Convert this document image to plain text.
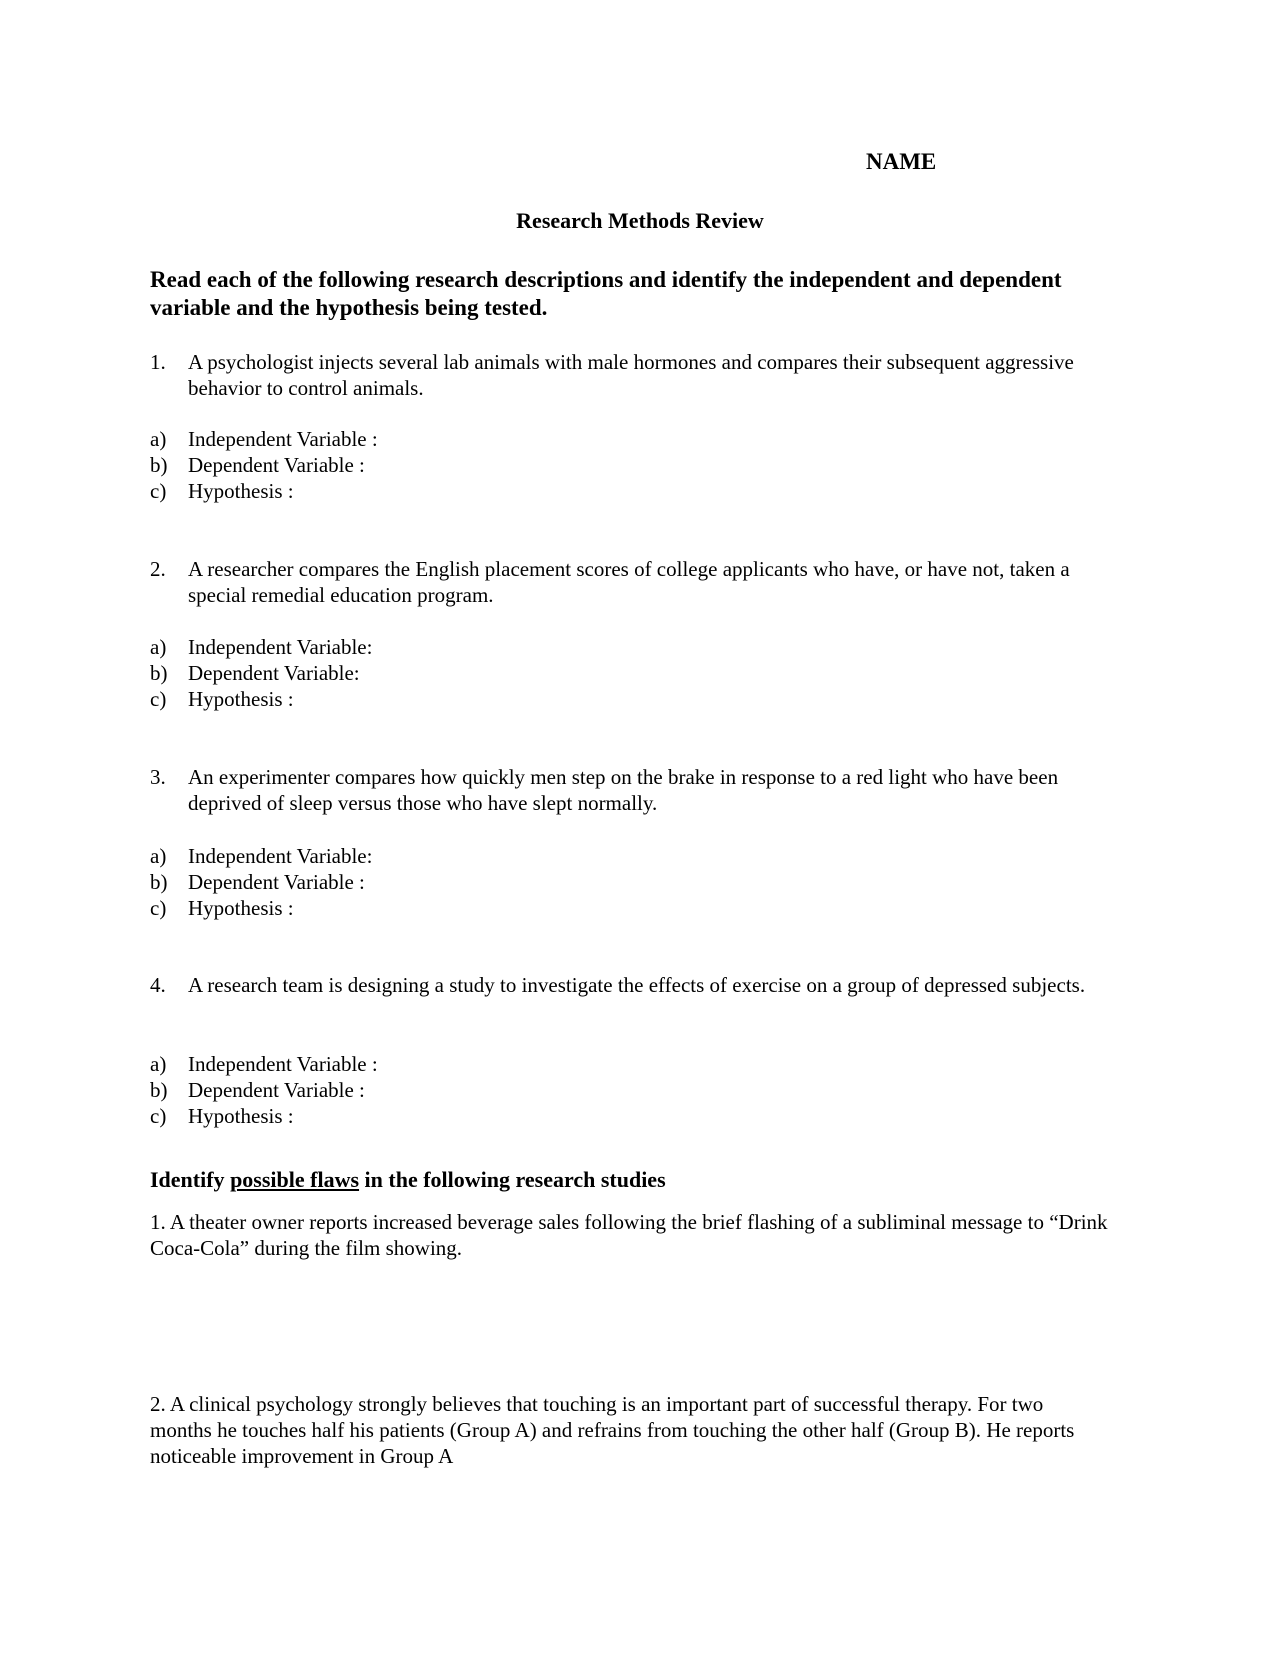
NAME
Research Methods Review
Read each of the following research descriptions and identify the independent and dependent variable and the hypothesis being tested.
1. A psychologist injects several lab animals with male hormones and compares their subsequent aggressive behavior to control animals.
a) Independent Variable :
b) Dependent Variable :
c) Hypothesis :
2. A researcher compares the English placement scores of college applicants who have, or have not, taken a special remedial education program.
a) Independent Variable:
b) Dependent Variable:
c) Hypothesis :
3. An experimenter compares how quickly men step on the brake in response to a red light who have been deprived of sleep versus those who have slept normally.
a) Independent Variable:
b) Dependent Variable :
c) Hypothesis :
4. A research team is designing a study to investigate the effects of exercise on a group of depressed subjects.
a) Independent Variable :
b) Dependent Variable :
c) Hypothesis :
Identify possible flaws in the following research studies
1. A theater owner reports increased beverage sales following the brief flashing of a subliminal message to “Drink Coca-Cola” during the film showing.
2. A clinical psychology strongly believes that touching is an important part of successful therapy. For two months he touches half his patients (Group A) and refrains from touching the other half (Group B). He reports noticeable improvement in Group A
